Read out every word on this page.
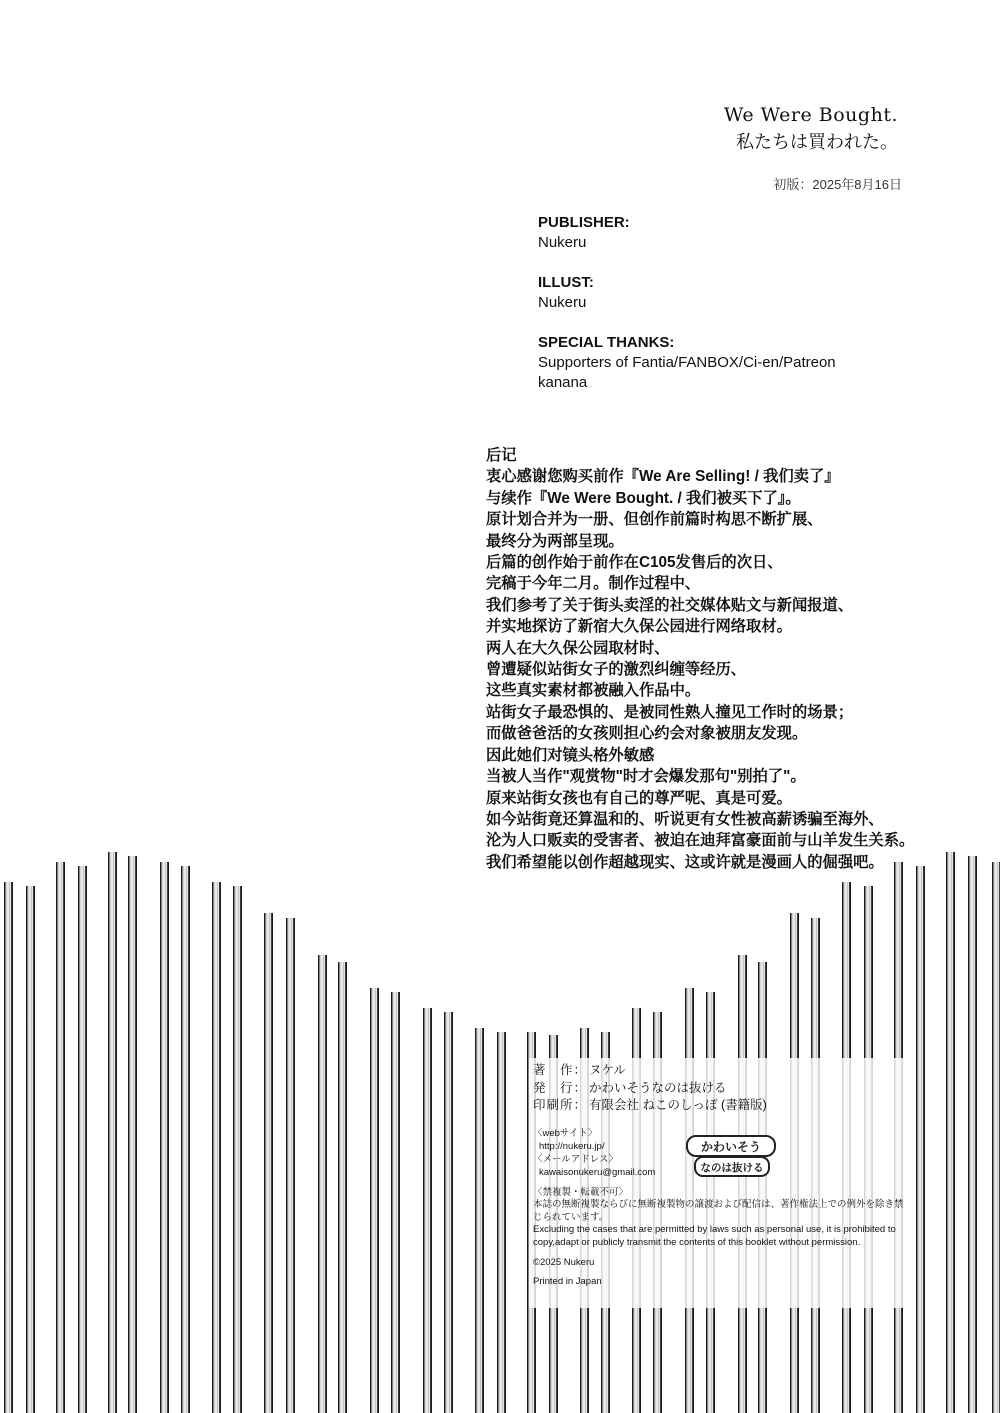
We Were Bought.
私たちは買われた。
初版：2025年8月16日
PUBLISHER:
Nukeru
ILLUST:
Nukeru
SPECIAL THANKS:
Supporters of Fantia/FANBOX/Ci-en/Patreon
kanana
后记
衷心感谢您购买前作『We Are Selling! / 我们卖了』
与续作『We Were Bought. / 我们被买下了』。
原计划合并为一册、但创作前篇时构思不断扩展、
最终分为两部呈现。
后篇的创作始于前作在C105发售后的次日、
完稿于今年二月。制作过程中、
我们参考了关于街头卖淫的社交媒体贴文与新闻报道、
并实地探访了新宿大久保公园进行网络取材。
两人在大久保公园取材时、
曾遭疑似站街女子的激烈纠缠等经历、
这些真实素材都被融入作品中。
站街女子最恐惧的、是被同性熟人撞见工作时的场景；
而做爸爸活的女孩则担心约会对象被朋友发现。
因此她们对镜头格外敏感
当被人当作"观赏物"时才会爆发那句"别拍了"。
原来站街女孩也有自己的尊严呢、真是可爱。
如今站街竟还算温和的、听说更有女性被高薪诱骗至海外、
沦为人口贩卖的受害者、被迫在迪拜富豪面前与山羊发生关系。
我们希望能以创作超越现实、这或许就是漫画人的倔强吧。
著　作： ヌケル
発　行： かわいそうなのは抜ける
印刷所： 有限会社 ねこのしっぽ (書籍版)
〈webサイト〉
http://nukeru.jp/
〈メールアドレス〉
kawaisonukeru@gmail.com
かわいそう
なのは抜ける
〈禁複製・転載不可〉
本誌の無断複製ならびに無断複製物の譲渡および配信は、著作権法上での例外を除き禁じられています。
Excluding the cases that are permitted by laws such as personal use, it is prohibited to copy,adapt or publicly transmit the contents of this booklet without permission.
©2025 Nukeru
Printed in Japan
